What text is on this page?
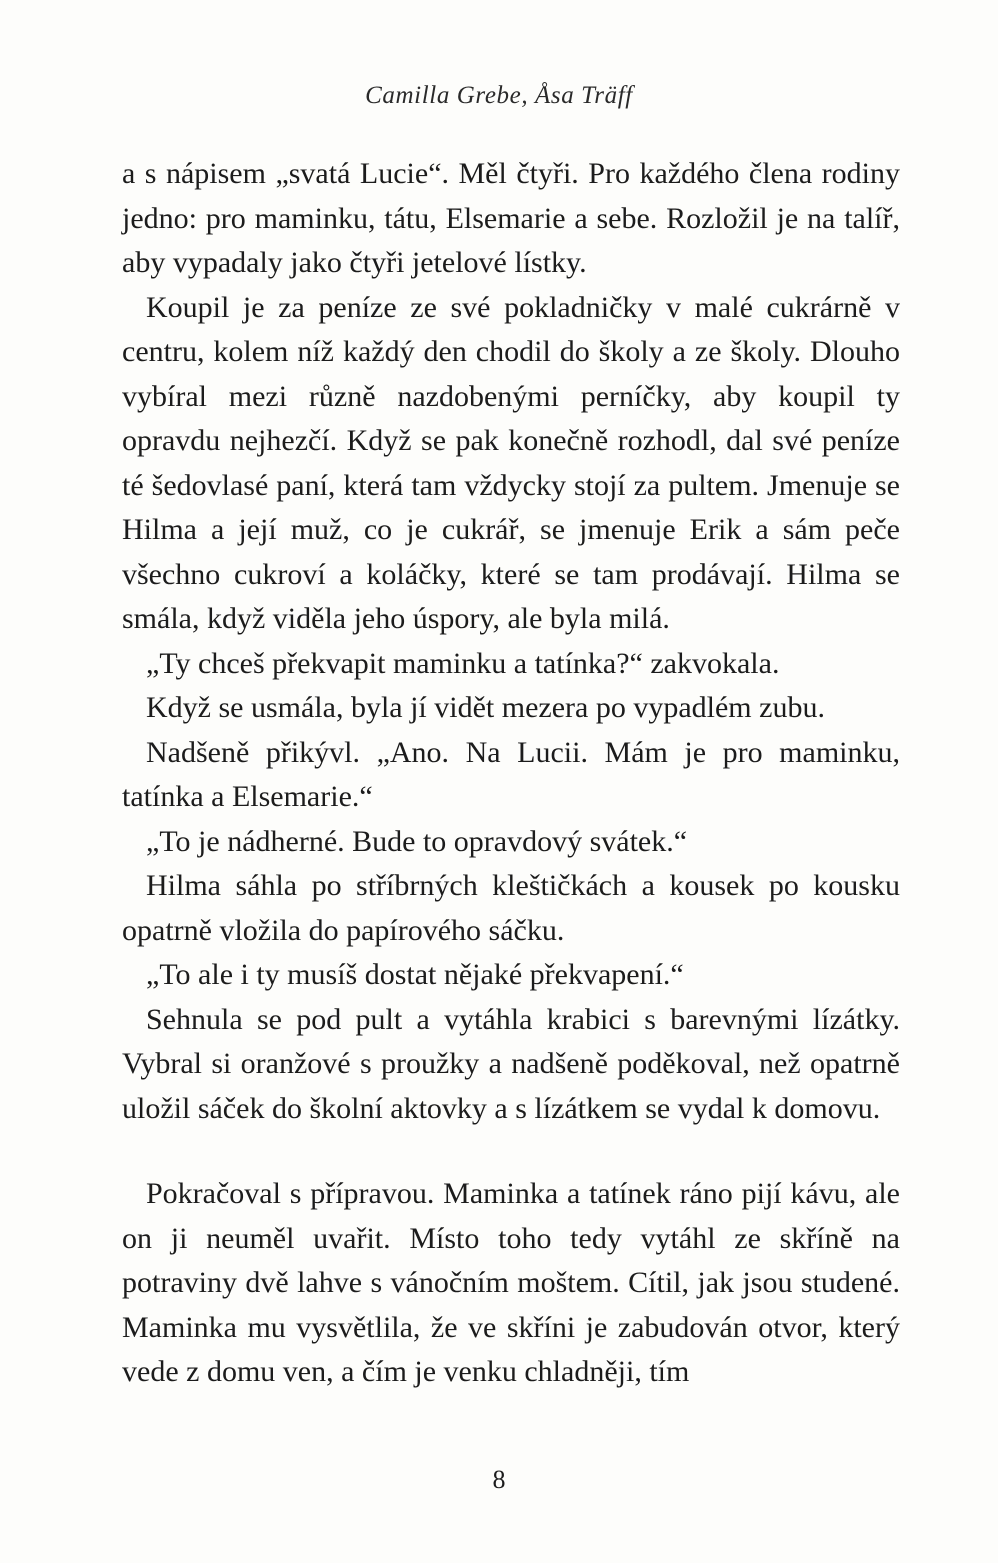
Camilla Grebe, Åsa Träff

a s nápisem „svatá Lucie“. Měl čtyři. Pro každého člena rodiny jedno: pro maminku, tátu, Elsemarie a sebe. Rozložil je na talíř, aby vypadaly jako čtyři jetelové lístky.

Koupil je za peníze ze své pokladničky v malé cukrárně v centru, kolem níž každý den chodil do školy a ze školy. Dlouho vybíral mezi různě nazdobenými perníčky, aby koupil ty opravdu nejhezčí. Když se pak konečně rozhodl, dal své peníze té šedovlasé paní, která tam vždycky stojí za pultem. Jmenuje se Hilma a její muž, co je cukrář, se jmenuje Erik a sám peče všechno cukroví a koláčky, které se tam prodávají. Hilma se smála, když viděla jeho úspory, ale byla milá.

„Ty chceš překvapit maminku a tatínka?“ zakvokala.

Když se usmála, byla jí vidět mezera po vypadlém zubu.

Nadšeně přikývl. „Ano. Na Lucii. Mám je pro maminku, tatínka a Elsemarie.“

„To je nádherné. Bude to opravdový svátek.“

Hilma sáhla po stříbrných kleštičkách a kousek po kousku opatrně vložila do papírového sáčku.

„To ale i ty musíš dostat nějaké překvapení.“

Sehnula se pod pult a vytáhla krabici s barevnými lízátky. Vybral si oranžové s proužky a nadšeně poděkoval, než opatrně uložil sáček do školní aktovky a s lízátkem se vydal k domovu.

Pokračoval s přípravou. Maminka a tatínek ráno pijí kávu, ale on ji neuměl uvařit. Místo toho tedy vytáhl ze skříně na potraviny dvě lahve s vánočním moštem. Cítil, jak jsou studené. Maminka mu vysvětlila, že ve skříni je zabudován otvor, který vede z domu ven, a čím je venku chladněji, tím

8
